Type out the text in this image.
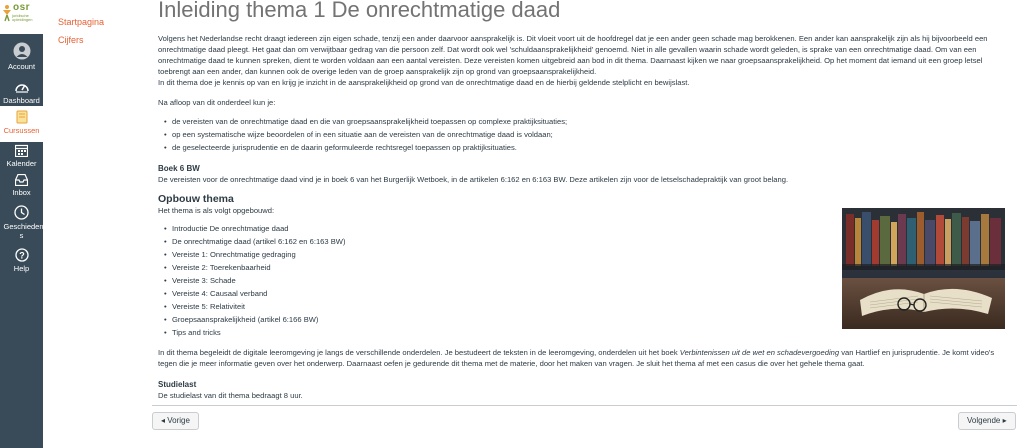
osr
juridische opleidingen
Account
Dashboard
Cursussen
Kalender
Inbox
Geschiedeni s
?
Help
Startpagina
Cijfers
Inleiding thema 1 De onrechtmatige daad

Volgens het Nederlandse recht draagt iedereen zijn eigen schade, tenzij een ander daarvoor aansprakelijk is. Dit vloeit voort uit de hoofdregel dat je een ander geen schade mag berokkenen. Een ander kan aansprakelijk zijn als hij bijvoorbeeld een onrechtmatige daad pleegt. Het gaat dan om verwijtbaar gedrag van die persoon zelf. Dat wordt ook wel 'schuldaansprakelijkheid' genoemd. Niet in alle gevallen waarin schade wordt geleden, is sprake van een onrechtmatige daad. Om van een onrechtmatige daad te kunnen spreken, dient te worden voldaan aan een aantal vereisten. Deze vereisten komen uitgebreid aan bod in dit thema. Daarnaast kijken we naar groepsaansprakelijkheid. Op het moment dat iemand uit een groep letsel toebrengt aan een ander, dan kunnen ook de overige leden van de groep aansprakelijk zijn op grond van groepsaansprakelijkheid.

In dit thema doe je kennis op van en krijg je inzicht in de aansprakelijkheid op grond van de onrechtmatige daad en de hierbij geldende stelplicht en bewijslast.

Na afloop van dit onderdeel kun je:

• de vereisten van de onrechtmatige daad en die van groepsaansprakelijkheid toepassen op complexe praktijksituaties;
• op een systematische wijze beoordelen of in een situatie aan de vereisten van de onrechtmatige daad is voldaan;
• de geselecteerde jurisprudentie en de daarin geformuleerde rechtsregel toepassen op praktijksituaties.

Boek 6 BW

De vereisten voor de onrechtmatige daad vind je in boek 6 van het Burgerlijk Wetboek, in de artikelen 6:162 en 6:163 BW. Deze artikelen zijn voor de letselschadepraktijk van groot belang.

Opbouw thema

Het thema is als volgt opgebouwd:

• Introductie De onrechtmatige daad
• De onrechtmatige daad (artikel 6:162 en 6:163 BW)
• Vereiste 1: Onrechtmatige gedraging
• Vereiste 2: Toerekenbaarheid
• Vereiste 3: Schade
• Vereiste 4: Causaal verband
• Vereiste 5: Relativiteit
• Groepsaansprakelijkheid (artikel 6:166 BW)
• Tips and tricks

In dit thema begeleidt de digitale leeromgeving je langs de verschillende onderdelen. Je bestudeert de teksten in de leeromgeving, onderdelen uit het boek Verbintenissen uit de wet en schadevergoeding van Hartlief en jurisprudentie. Je komt video's tegen die je meer informatie geven over het onderwerp. Daarnaast oefen je gedurende dit thema met de materie, door het maken van vragen. Je sluit het thema af met een casus die over het gehele thema gaat.

Studielast

De studielast van dit thema bedraagt 8 uur.

◂ Vorige	Volgende ▸
